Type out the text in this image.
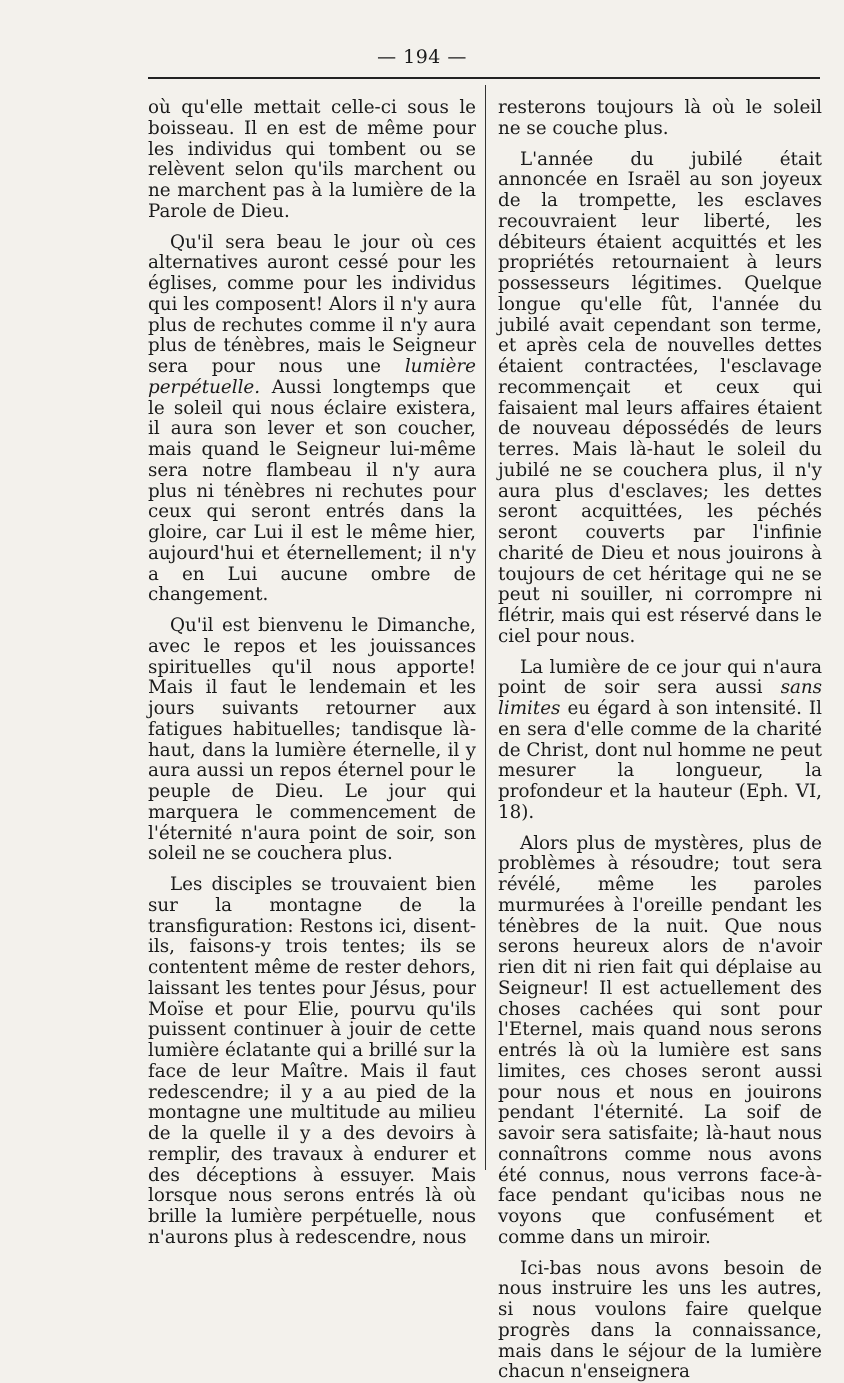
— 194 —

où qu'elle mettait celle-ci sous le boisseau. Il en est de même pour les individus qui tombent ou se relèvent selon qu'ils marchent ou ne marchent pas à la lumière de la Parole de Dieu.

Qu'il sera beau le jour où ces alternatives auront cessé pour les églises, comme pour les individus qui les composent! Alors il n'y aura plus de rechutes comme il n'y aura plus de ténèbres, mais le Seigneur sera pour nous une lumière perpétuelle. Aussi longtemps que le soleil qui nous éclaire existera, il aura son lever et son coucher, mais quand le Seigneur lui-même sera notre flambeau il n'y aura plus ni ténèbres ni rechutes pour ceux qui seront entrés dans la gloire, car Lui il est le même hier, aujourd'hui et éternellement; il n'y a en Lui aucune ombre de changement.

Qu'il est bienvenu le Dimanche, avec le repos et les jouissances spirituelles qu'il nous apporte! Mais il faut le lendemain et les jours suivants retourner aux fatigues habituelles; tandisque là-haut, dans la lumière éternelle, il y aura aussi un repos éternel pour le peuple de Dieu. Le jour qui marquera le commencement de l'éternité n'aura point de soir, son soleil ne se couchera plus.

Les disciples se trouvaient bien sur la montagne de la transfiguration: Restons ici, disent-ils, faisons-y trois tentes; ils se contentent même de rester dehors, laissant les tentes pour Jésus, pour Moïse et pour Elie, pourvu qu'ils puissent continuer à jouir de cette lumière éclatante qui a brillé sur la face de leur Maître. Mais il faut redescendre; il y a au pied de la montagne une multitude au milieu de la quelle il y a des devoirs à remplir, des travaux à endurer et des déceptions à essuyer. Mais lorsque nous serons entrés là où brille la lumière perpétuelle, nous n'aurons plus à redescendre, nous

resterons toujours là où le soleil ne se couche plus.

L'année du jubilé était annoncée en Israël au son joyeux de la trompette, les esclaves recouvraient leur liberté, les débiteurs étaient acquittés et les propriétés retournaient à leurs possesseurs légitimes. Quelque longue qu'elle fût, l'année du jubilé avait cependant son terme, et après cela de nouvelles dettes étaient contractées, l'esclavage recommençait et ceux qui faisaient mal leurs affaires étaient de nouveau dépossédés de leurs terres. Mais là-haut le soleil du jubilé ne se couchera plus, il n'y aura plus d'esclaves; les dettes seront acquittées, les péchés seront couverts par l'infinie charité de Dieu et nous jouirons à toujours de cet héritage qui ne se peut ni souiller, ni corrompre ni flétrir, mais qui est réservé dans le ciel pour nous.

La lumière de ce jour qui n'aura point de soir sera aussi sans limites eu égard à son intensité. Il en sera d'elle comme de la charité de Christ, dont nul homme ne peut mesurer la longueur, la profondeur et la hauteur (Eph. VI, 18).

Alors plus de mystères, plus de problèmes à résoudre; tout sera révélé, même les paroles murmurées à l'oreille pendant les ténèbres de la nuit. Que nous serons heureux alors de n'avoir rien dit ni rien fait qui déplaise au Seigneur! Il est actuellement des choses cachées qui sont pour l'Eternel, mais quand nous serons entrés là où la lumière est sans limites, ces choses seront aussi pour nous et nous en jouirons pendant l'éternité. La soif de savoir sera satisfaite; là-haut nous connaîtrons comme nous avons été connus, nous verrons face-à-face pendant qu'icibas nous ne voyons que confusément et comme dans un miroir.

Ici-bas nous avons besoin de nous instruire les uns les autres, si nous voulons faire quelque progrès dans la connaissance, mais dans le séjour de la lumière chacun n'enseignera
